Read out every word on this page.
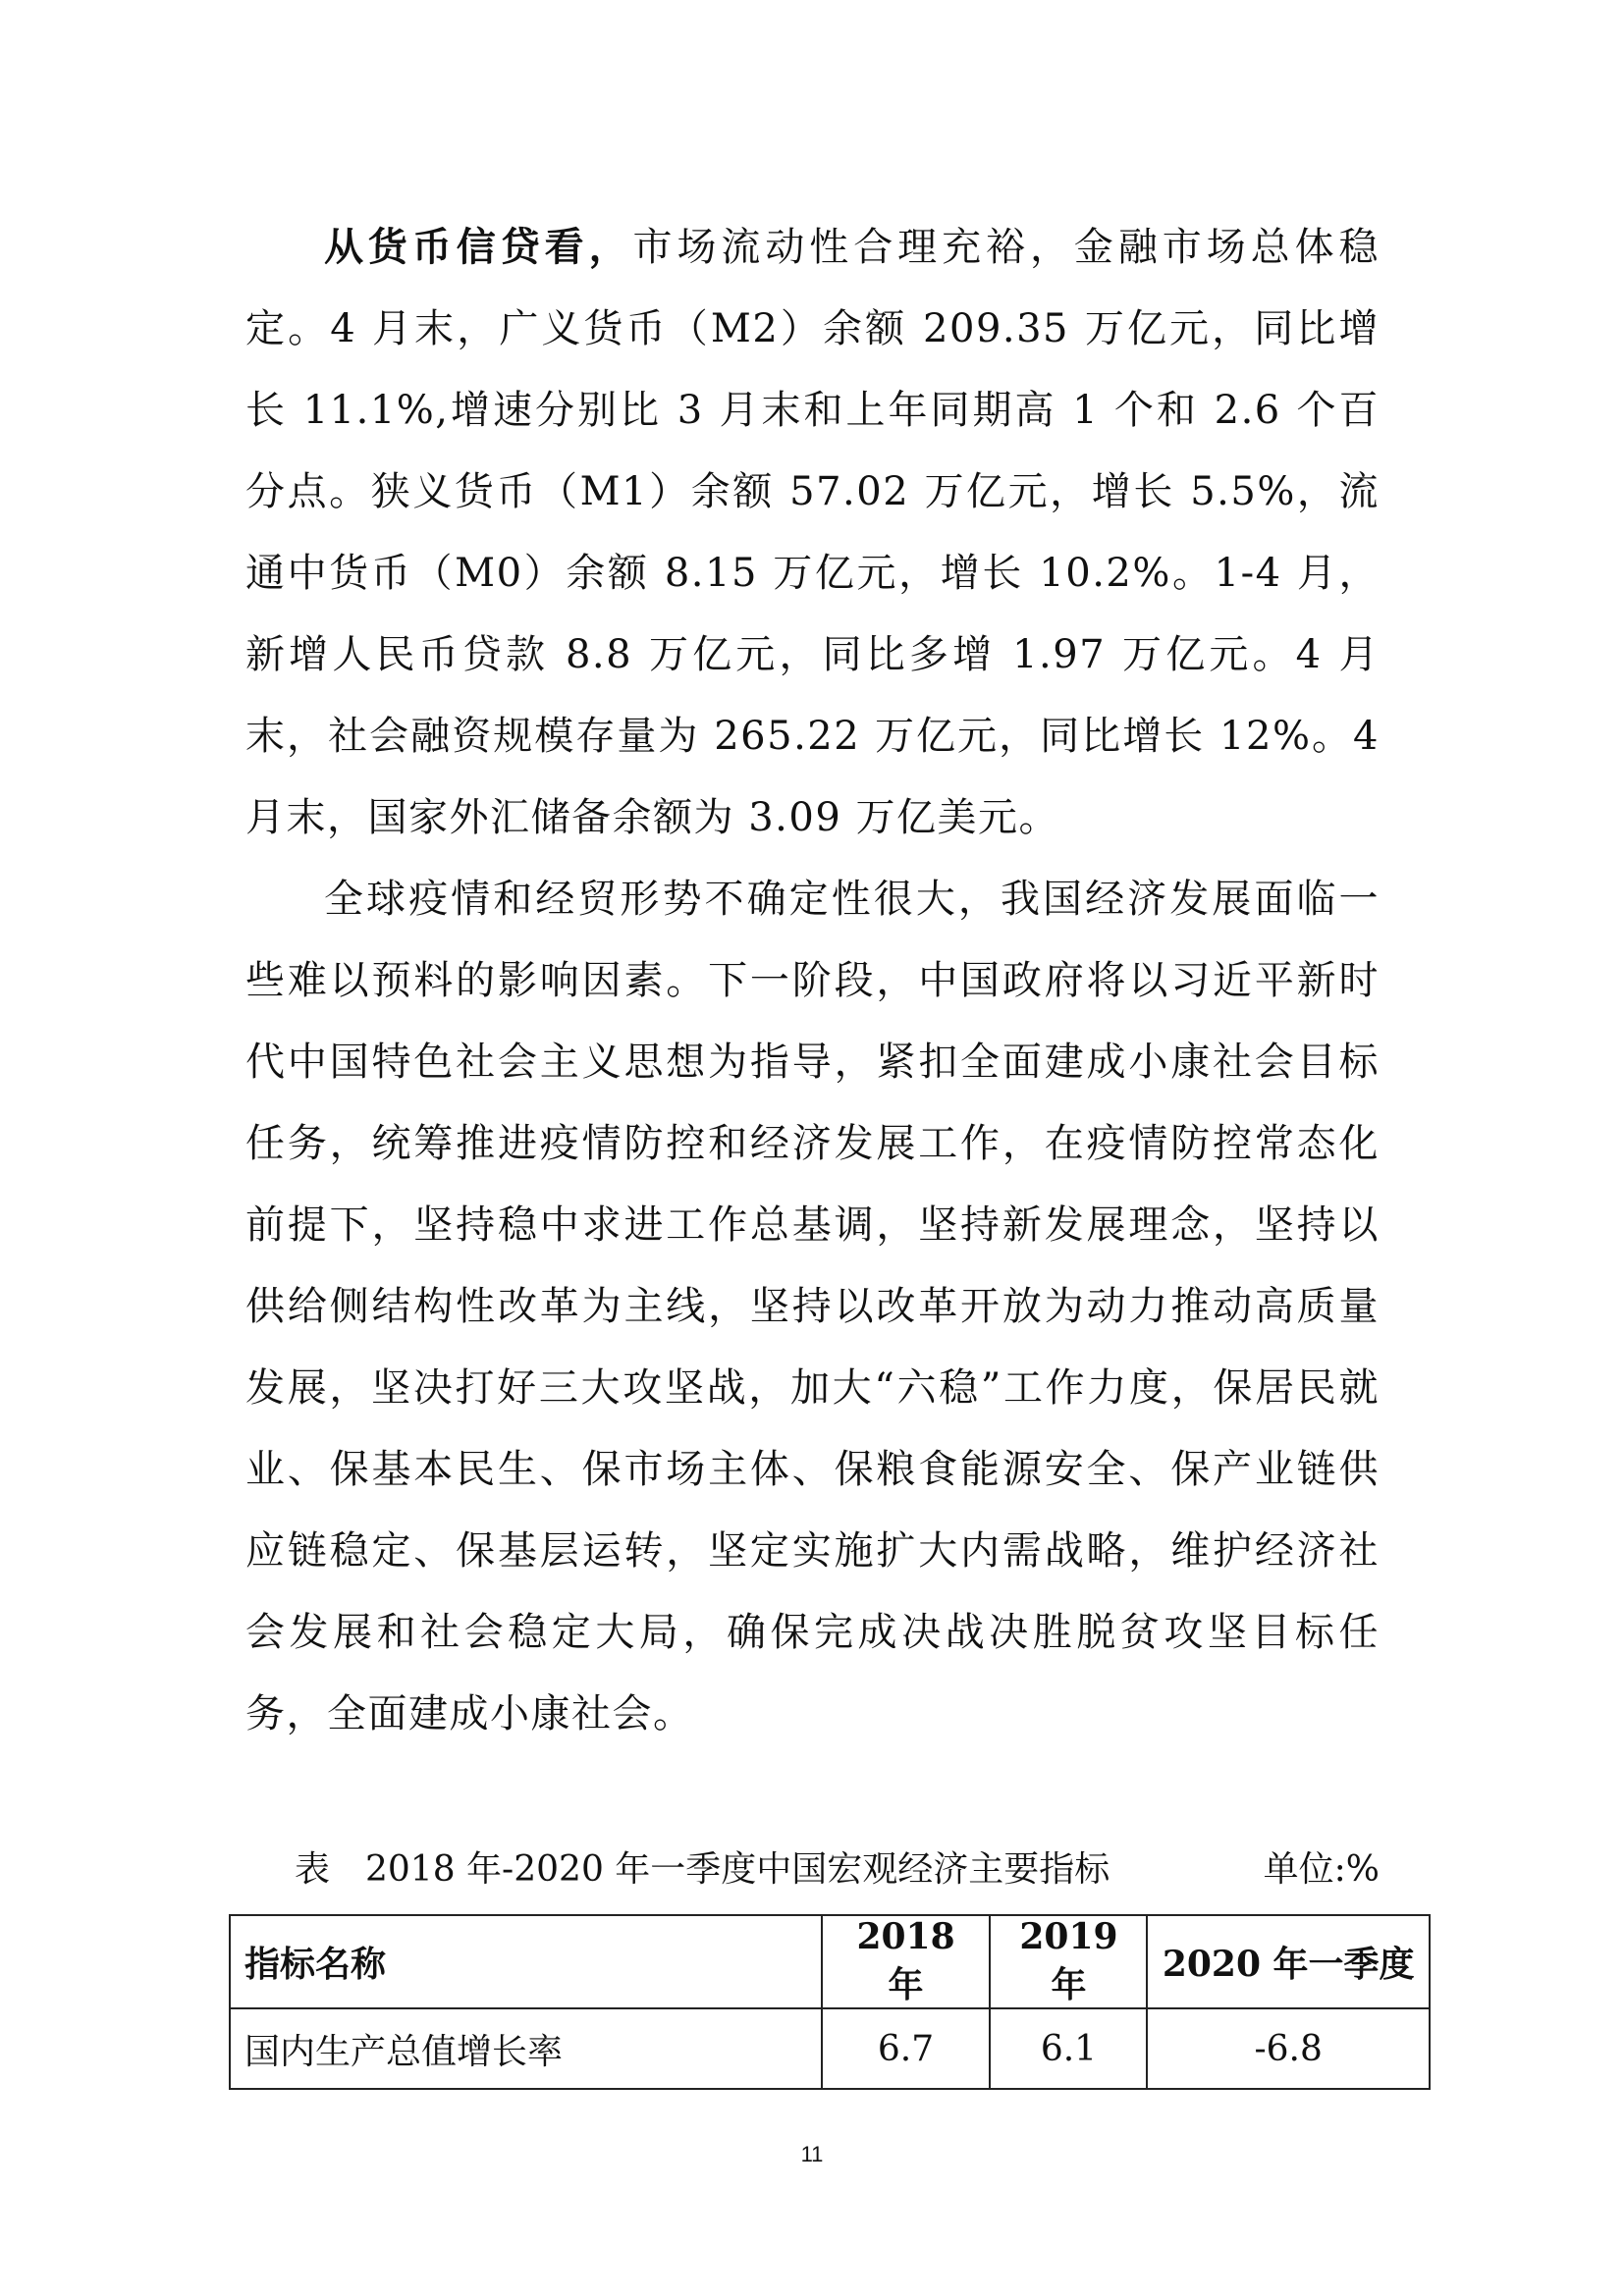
从货币信贷看，市场流动性合理充裕，金融市场总体稳定。4 月末，广义货币（M2）余额 209.35 万亿元，同比增长 11.1%,增速分别比 3 月末和上年同期高 1 个和 2.6 个百分点。狭义货币（M1）余额 57.02 万亿元，增长 5.5%，流通中货币（M0）余额 8.15 万亿元，增长 10.2%。1-4 月，新增人民币贷款 8.8 万亿元，同比多增 1.97 万亿元。4 月末，社会融资规模存量为 265.22 万亿元，同比增长 12%。4 月末，国家外汇储备余额为 3.09 万亿美元。

全球疫情和经贸形势不确定性很大，我国经济发展面临一些难以预料的影响因素。下一阶段，中国政府将以习近平新时代中国特色社会主义思想为指导，紧扣全面建成小康社会目标任务，统筹推进疫情防控和经济发展工作，在疫情防控常态化前提下，坚持稳中求进工作总基调，坚持新发展理念，坚持以供给侧结构性改革为主线，坚持以改革开放为动力推动高质量发展，坚决打好三大攻坚战，加大“六稳”工作力度，保居民就业、保基本民生、保市场主体、保粮食能源安全、保产业链供应链稳定、保基层运转，坚定实施扩大内需战略，维护经济社会发展和社会稳定大局，确保完成决战决胜脱贫攻坚目标任务，全面建成小康社会。

表　2018 年-2020 年一季度中国宏观经济主要指标	单位:%
指标名称	2018 年	2019 年	2020 年一季度
国内生产总值增长率	6.7	6.1	-6.8
11
